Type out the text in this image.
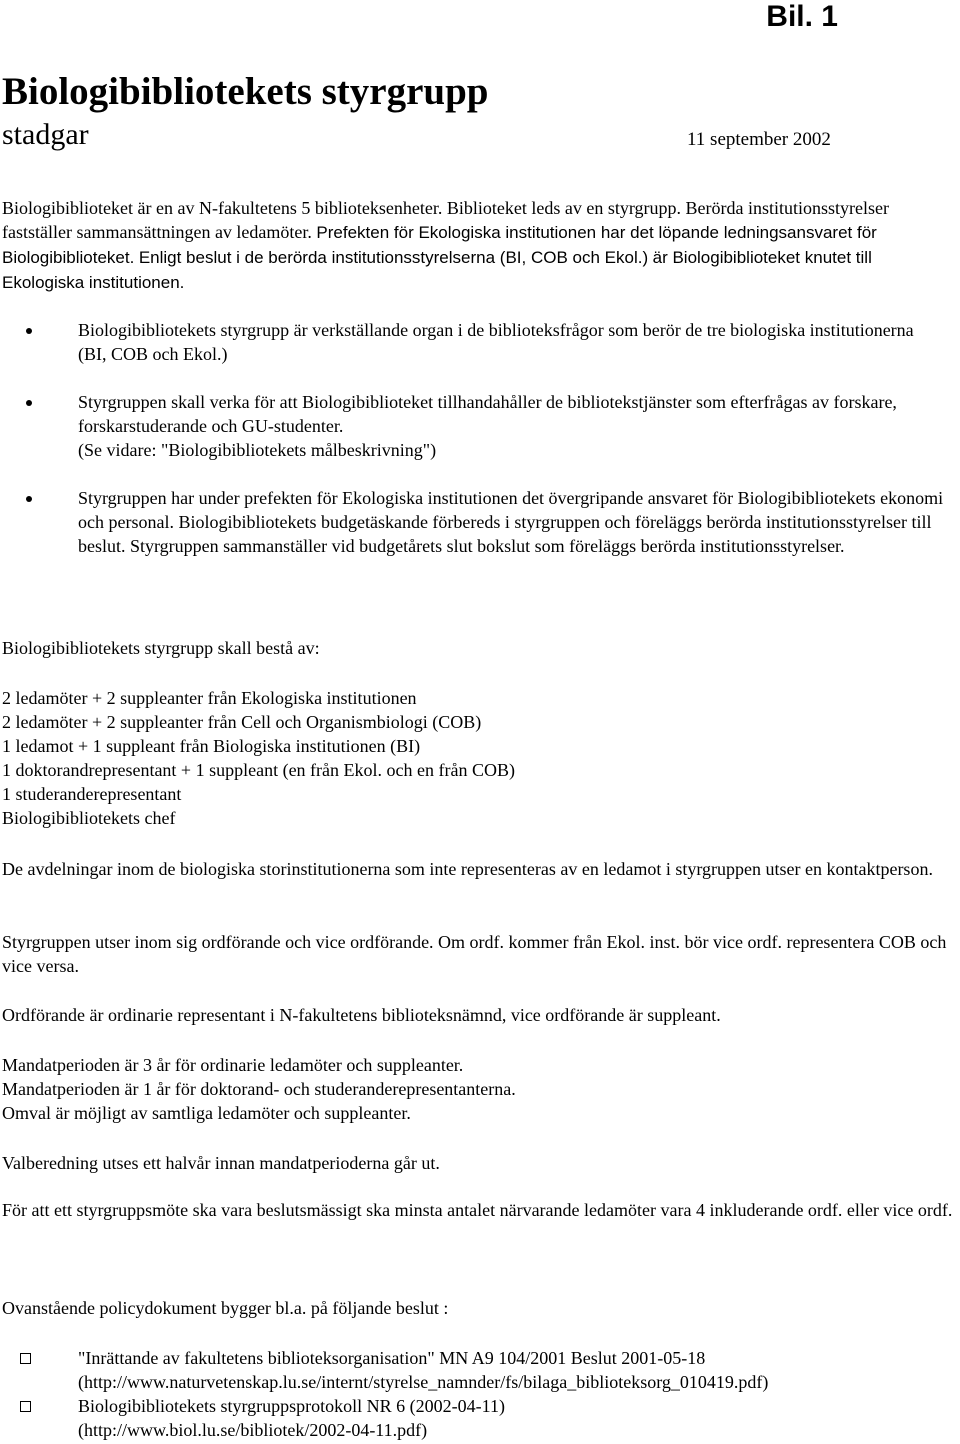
Bil. 1
Biologibibliotekets styrgrupp
stadgar	11 september 2002
Biologibiblioteket är en av N-fakultetens 5 biblioteksenheter. Biblioteket leds av en styrgrupp. Berörda institutionsstyrelser fastställer sammansättningen av ledamöter. Prefekten för Ekologiska institutionen har det löpande ledningsansvaret för Biologibiblioteket. Enligt beslut i de berörda institutionsstyrelserna (BI, COB och Ekol.) är Biologibiblioteket knutet till Ekologiska institutionen.

Biologibibliotekets styrgrupp är verkställande organ i de biblioteksfrågor som berör de tre biologiska institutionerna (BI, COB och Ekol.)

Styrgruppen skall verka för att Biologibiblioteket tillhandahåller de bibliotekstjänster som efterfrågas av forskare, forskarstuderande och GU-studenter.

(Se vidare: "Biologibibliotekets målbeskrivning")

Styrgruppen har under prefekten för Ekologiska institutionen det övergripande ansvaret för Biologibibliotekets ekonomi och personal. Biologibibliotekets budgetäskande förbereds i styrgruppen och föreläggs berörda institutionsstyrelser till beslut. Styrgruppen sammanställer vid budgetårets slut bokslut som föreläggs berörda institutionsstyrelser.

Biologibibliotekets styrgrupp skall bestå av:
2 ledamöter + 2 suppleanter från Ekologiska institutionen
2 ledamöter + 2 suppleanter från Cell och Organismbiologi (COB)
1 ledamot + 1 suppleant från Biologiska institutionen (BI)
1 doktorandrepresentant + 1 suppleant (en från Ekol. och en från COB)
1 studeranderepresentant
Biologibibliotekets chef

De avdelningar inom de biologiska storinstitutionerna som inte representeras av en ledamot i styrgruppen utser en kontaktperson.

Styrgruppen utser inom sig ordförande och vice ordförande. Om ordf. kommer från Ekol. inst. bör vice ordf. representera COB och vice versa.

Ordförande är ordinarie representant i N-fakultetens biblioteksnämnd, vice ordförande är suppleant.

Mandatperioden är 3 år för ordinarie ledamöter och suppleanter.
Mandatperioden är 1 år för doktorand- och studeranderepresentanterna.
Omval är möjligt av samtliga ledamöter och suppleanter.

Valberedning utses ett halvår innan mandatperioderna går ut.

För att ett styrgruppsmöte ska vara beslutsmässigt ska minsta antalet närvarande ledamöter vara 4 inkluderande ordf. eller vice ordf.

Ovanstående policydokument bygger bl.a. på följande beslut :

"Inrättande av fakultetens biblioteksorganisation" MN A9 104/2001 Beslut 2001-05-18
(http://www.naturvetenskap.lu.se/internt/styrelse_namnder/fs/bilaga_biblioteksorg_010419.pdf)
Biologibibliotekets styrgruppsprotokoll NR 6 (2002-04-11)
(http://www.biol.lu.se/bibliotek/2002-04-11.pdf)
